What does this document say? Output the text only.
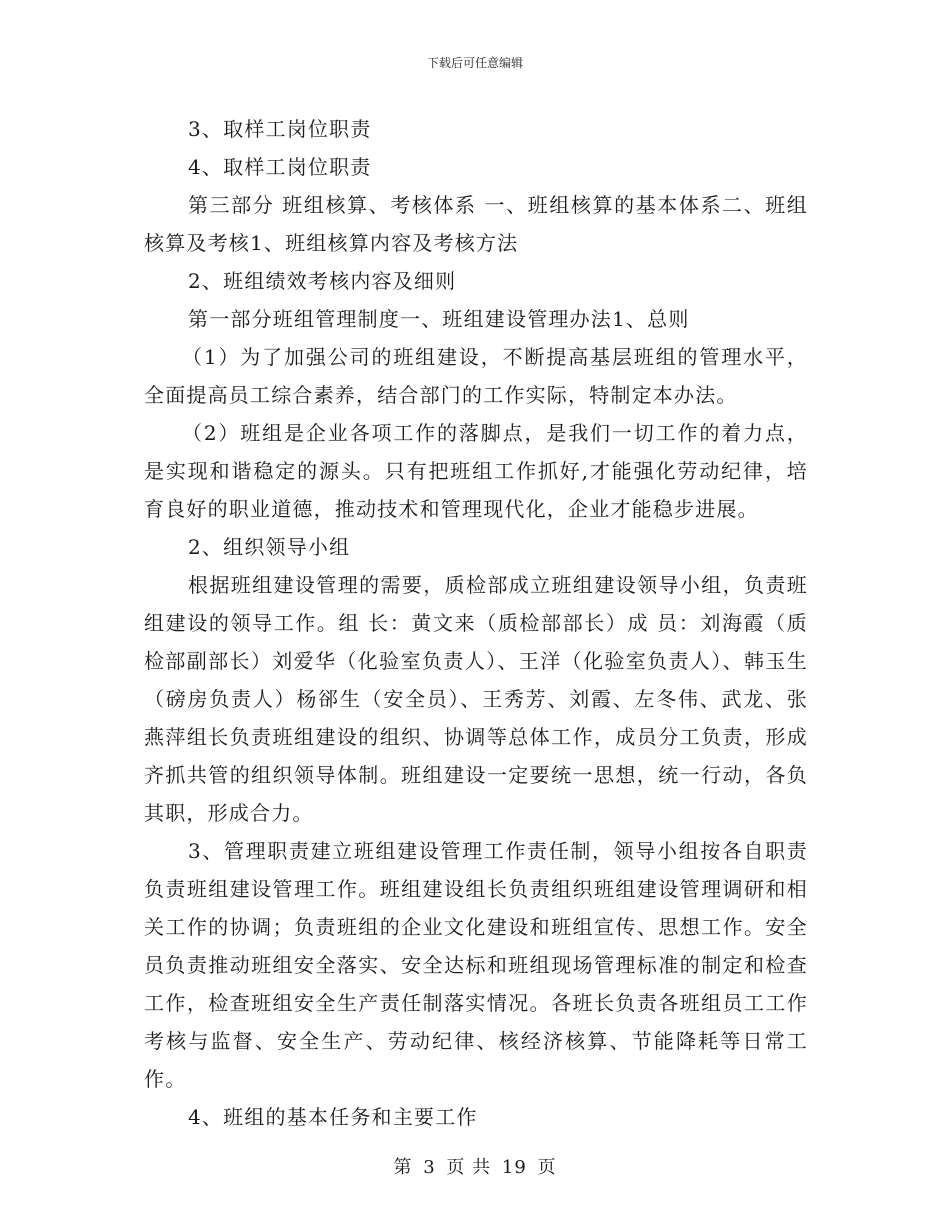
下载后可任意编辑

3、取样工岗位职责

4、取样工岗位职责

第三部分 班组核算、考核体系 一、班组核算的基本体系二、班组核算及考核1、班组核算内容及考核方法

2、班组绩效考核内容及细则

第一部分班组管理制度一、班组建设管理办法1、总则

（1）为了加强公司的班组建设，不断提高基层班组的管理水平，全面提高员工综合素养，结合部门的工作实际，特制定本办法。

（2）班组是企业各项工作的落脚点，是我们一切工作的着力点，是实现和谐稳定的源头。只有把班组工作抓好,才能强化劳动纪律，培育良好的职业道德，推动技术和管理现代化，企业才能稳步进展。

2、组织领导小组

根据班组建设管理的需要，质检部成立班组建设领导小组，负责班组建设的领导工作。组 长：黄文来（质检部部长）成 员：刘海霞（质检部副部长）刘爱华（化验室负责人）、王洋（化验室负责人）、韩玉生（磅房负责人）杨郤生（安全员）、王秀芳、刘霞、左冬伟、武龙、张燕萍组长负责班组建设的组织、协调等总体工作，成员分工负责，形成齐抓共管的组织领导体制。班组建设一定要统一思想，统一行动，各负其职，形成合力。

3、管理职责建立班组建设管理工作责任制，领导小组按各自职责负责班组建设管理工作。班组建设组长负责组织班组建设管理调研和相关工作的协调；负责班组的企业文化建设和班组宣传、思想工作。安全员负责推动班组安全落实、安全达标和班组现场管理标准的制定和检查工作，检查班组安全生产责任制落实情况。各班长负责各班组员工工作考核与监督、安全生产、劳动纪律、核经济核算、节能降耗等日常工作。

4、班组的基本任务和主要工作

第 3 页 共 19 页
